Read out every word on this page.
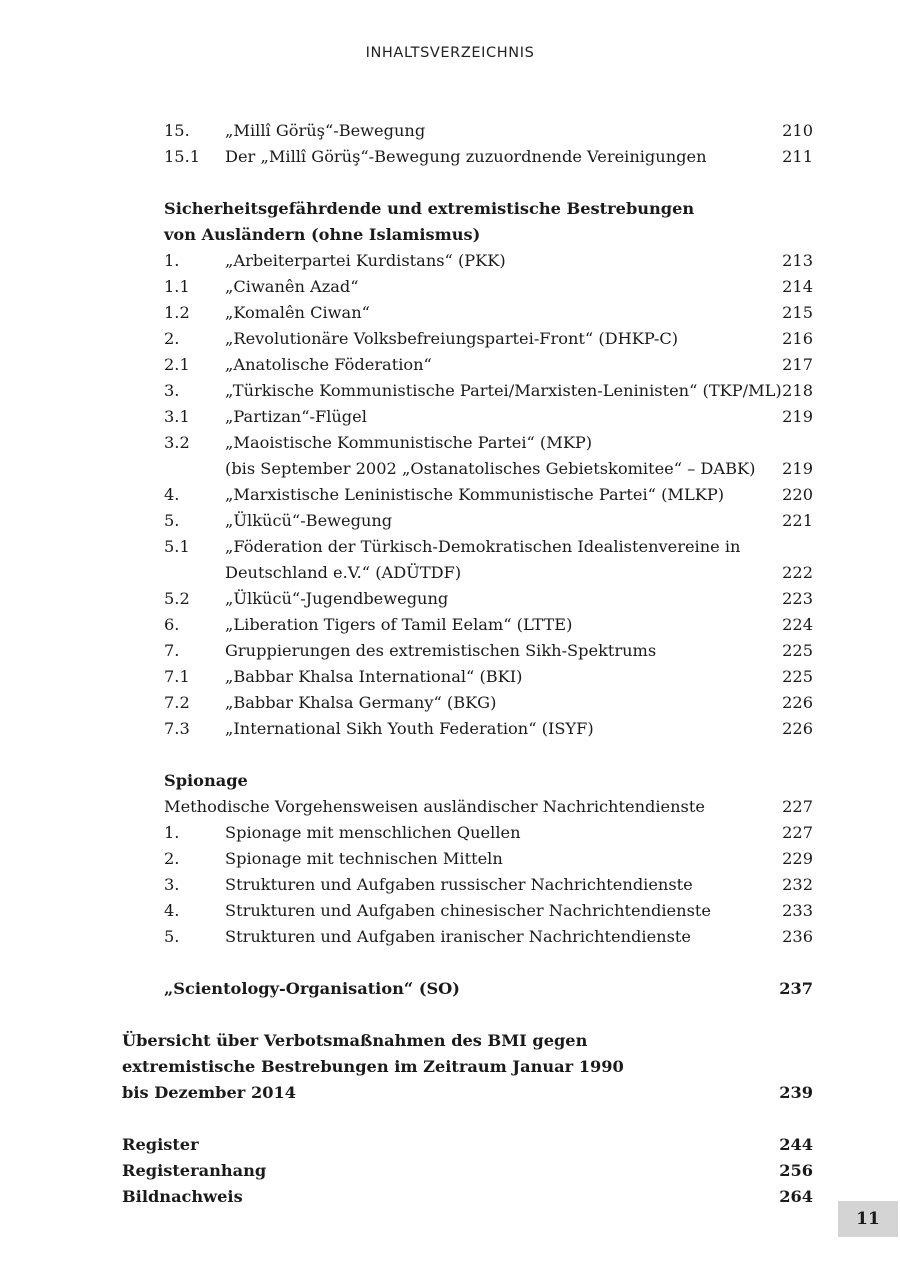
INHALTSVERZEICHNIS
15. „Millî Görüş“-Bewegung	210
15.1 Der „Millî Görüş“-Bewegung zuzuordnende Vereinigungen	211
Sicherheitsgefährdende und extremistische Bestrebungen
von Ausländern (ohne Islamismus)
1.	„Arbeiterpartei Kurdistans“ (PKK)	213
1.1 „Ciwanên Azad“	214
1.2 „Komalên Ciwan“	215
2.	„Revolutionäre Volksbefreiungspartei-Front“ (DHKP-C)	216
2.1 „Anatolische Föderation“	217
3.	„Türkische Kommunistische Partei/Marxisten-Leninisten“ (TKP/ML) 218
3.1 „Partizan“-Flügel	219
3.2 „Maoistische Kommunistische Partei“ (MKP)
(bis September 2002 „Ostanatolisches Gebietskomitee“ – DABK) 219
4.	„Marxistische Leninistische Kommunistische Partei“ (MLKP)	220
5.	„Ülkücü“-Bewegung	221
5.1 „Föderation der Türkisch-Demokratischen Idealistenvereine in
Deutschland e.V.“ (ADÜTDF)	222
5.2 „Ülkücü“-Jugendbewegung	223
6.	„Liberation Tigers of Tamil Eelam“ (LTTE)	224
7.	Gruppierungen des extremistischen Sikh-Spektrums	225
7.1 „Babbar Khalsa International“ (BKI)	225
7.2 „Babbar Khalsa Germany“ (BKG)	226
7.3 „International Sikh Youth Federation“ (ISYF)	226
Spionage
Methodische Vorgehensweisen ausländischer Nachrichtendienste	227
1.	Spionage mit menschlichen Quellen	227
2.	Spionage mit technischen Mitteln	229
3.	Strukturen und Aufgaben russischer Nachrichtendienste	232
4.	Strukturen und Aufgaben chinesischer Nachrichtendienste	233
5.	Strukturen und Aufgaben iranischer Nachrichtendienste	236
„Scientology-Organisation“ (SO)	237
Übersicht über Verbotsmaßnahmen des BMI gegen
extremistische Bestrebungen im Zeitraum Januar 1990
bis Dezember 2014	239
Register	244
Registeranhang	256
Bildnachweis	264
11
